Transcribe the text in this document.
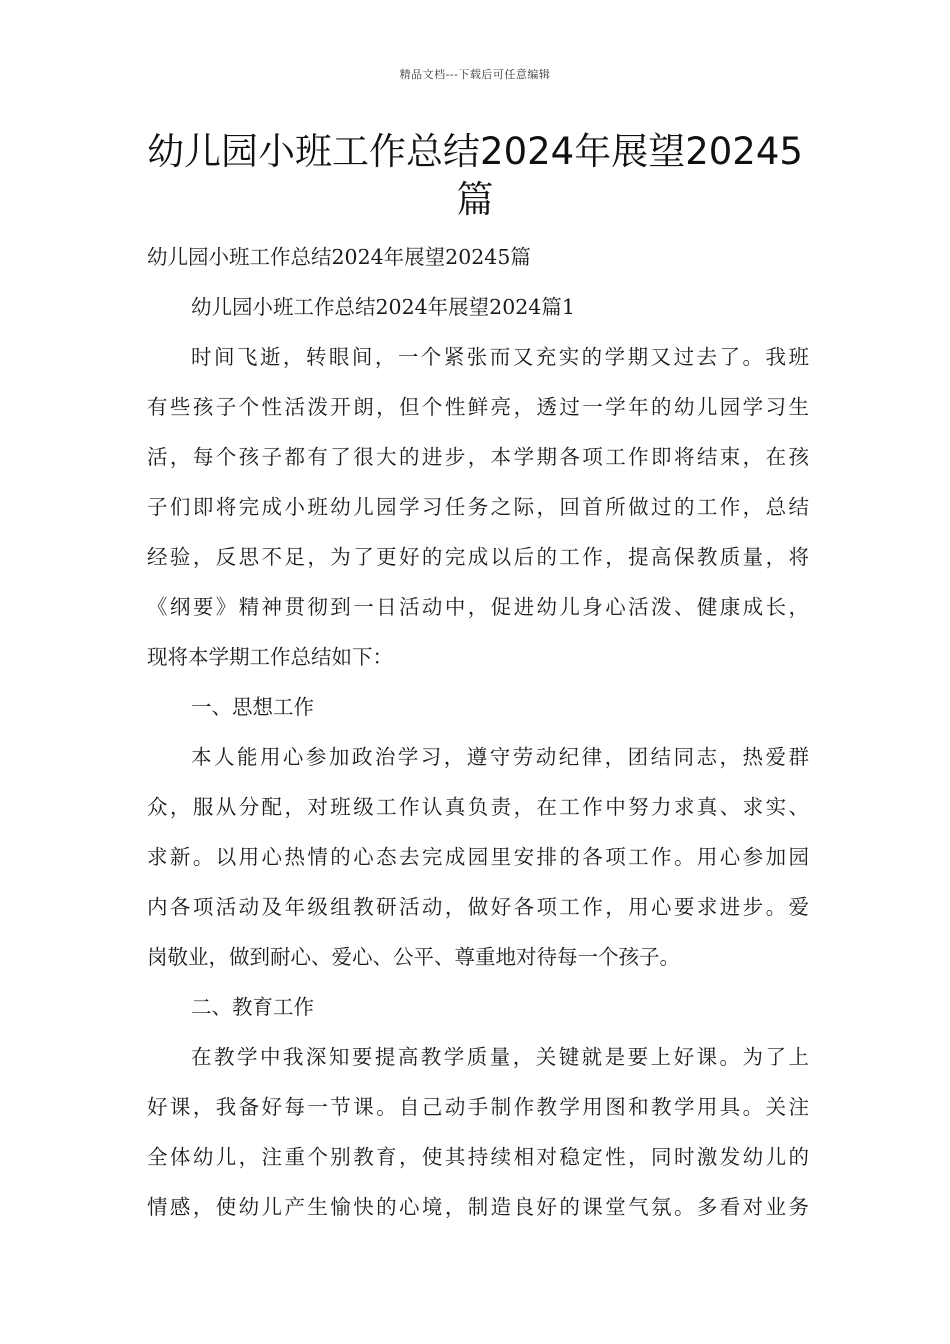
精品文档---下载后可任意编辑
幼儿园小班工作总结2024年展望20245篇
幼儿园小班工作总结2024年展望20245篇
幼儿园小班工作总结2024年展望2024篇1
时间飞逝，转眼间，一个紧张而又充实的学期又过去了。我班
有些孩子个性活泼开朗，但个性鲜亮，透过一学年的幼儿园学习生
活，每个孩子都有了很大的进步，本学期各项工作即将结束，在孩
子们即将完成小班幼儿园学习任务之际，回首所做过的工作，总结
经验，反思不足，为了更好的完成以后的工作，提高保教质量，将
《纲要》精神贯彻到一日活动中，促进幼儿身心活泼、健康成长，
现将本学期工作总结如下：
一、思想工作
本人能用心参加政治学习，遵守劳动纪律，团结同志，热爱群
众，服从分配，对班级工作认真负责，在工作中努力求真、求实、
求新。以用心热情的心态去完成园里安排的各项工作。用心参加园
内各项活动及年级组教研活动，做好各项工作，用心要求进步。爱
岗敬业，做到耐心、爱心、公平、尊重地对待每一个孩子。
二、教育工作
在教学中我深知要提高教学质量，关键就是要上好课。为了上
好课，我备好每一节课。自己动手制作教学用图和教学用具。关注
全体幼儿，注重个别教育，使其持续相对稳定性，同时激发幼儿的
情感，使幼儿产生愉快的心境，制造良好的课堂气氛。多看对业务
